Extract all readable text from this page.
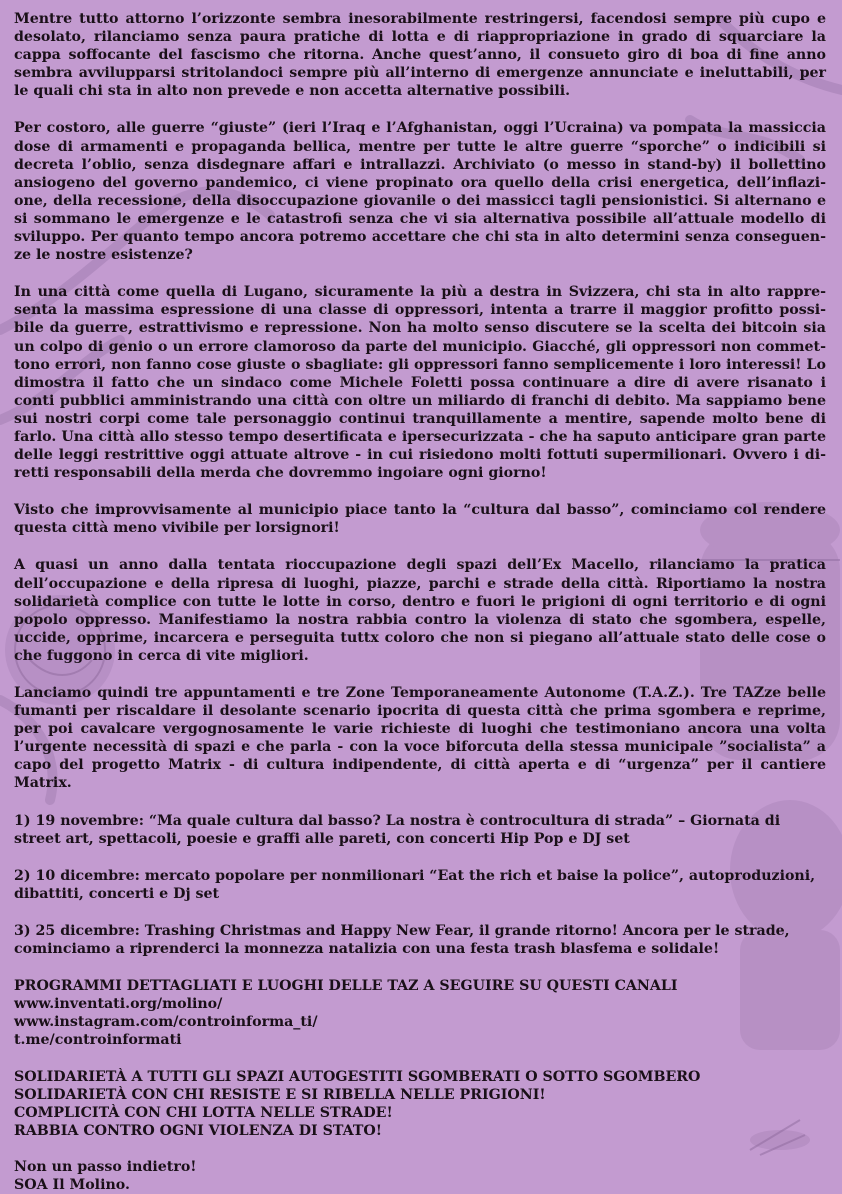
Mentre tutto attorno l’orizzonte sembra inesorabilmente restringersi, facendosi sempre più cupo e desolato, rilanciamo senza paura pratiche di lotta e di riappropriazione in grado di squarciare la cappa soffocante del fascismo che ritorna. Anche quest’anno, il consueto giro di boa di fine anno sembra avvilupparsi stritolandoci sempre più all’interno di emergenze annunciate e ineluttabili, per le quali chi sta in alto non prevede e non accetta alternative possibili.

Per costoro, alle guerre “giuste” (ieri l’Iraq e l’Afghanistan, oggi l’Ucraina) va pompata la massiccia dose di armamenti e propaganda bellica, mentre per tutte le altre guerre “sporche” o indicibili si decreta l’oblio, senza disdegnare affari e intrallazzi. Archiviato (o messo in stand-by) il bollettino ansiogeno del governo pandemico, ci viene propinato ora quello della crisi energetica, dell’inflazi-one, della recessione, della disoccupazione giovanile o dei massicci tagli pensionistici. Si alternano e si sommano le emergenze e le catastrofi senza che vi sia alternativa possibile all’attuale modello di sviluppo. Per quanto tempo ancora potremo accettare che chi sta in alto determini senza conseguen-ze le nostre esistenze?

In una città come quella di Lugano, sicuramente la più a destra in Svizzera, chi sta in alto rappre-senta la massima espressione di una classe di oppressori, intenta a trarre il maggior profitto possi-bile da guerre, estrattivismo e repressione. Non ha molto senso discutere se la scelta dei bitcoin sia un colpo di genio o un errore clamoroso da parte del municipio. Giacché, gli oppressori non commet-tono errori, non fanno cose giuste o sbagliate: gli oppressori fanno semplicemente i loro interessi! Lo dimostra il fatto che un sindaco come Michele Foletti possa continuare a dire di avere risanato i conti pubblici amministrando una città con oltre un miliardo di franchi di debito. Ma sappiamo bene sui nostri corpi come tale personaggio continui tranquillamente a mentire, sapende molto bene di farlo. Una città allo stesso tempo desertificata e ipersecurizzata - che ha saputo anticipare gran parte delle leggi restrittive oggi attuate altrove - in cui risiedono molti fottuti supermilionari. Ovvero i di-retti responsabili della merda che dovremmo ingoiare ogni giorno!

Visto che improvvisamente al municipio piace tanto la “cultura dal basso”, cominciamo col rendere questa città meno vivibile per lorsignori!

A quasi un anno dalla tentata rioccupazione degli spazi dell’Ex Macello, rilanciamo la pratica dell’occupazione e della ripresa di luoghi, piazze, parchi e strade della città. Riportiamo la nostra solidarietà complice con tutte le lotte in corso, dentro e fuori le prigioni di ogni territorio e di ogni popolo oppresso. Manifestiamo la nostra rabbia contro la violenza di stato che sgombera, espelle, uccide, opprime, incarcera e perseguita tuttx coloro che non si piegano all’attuale stato delle cose o che fuggono in cerca di vite migliori.

Lanciamo quindi tre appuntamenti e tre Zone Temporaneamente Autonome (T.A.Z.). Tre TAZze belle fumanti per riscaldare il desolante scenario ipocrita di questa città che prima sgombera e reprime, per poi cavalcare vergognosamente le varie richieste di luoghi che testimoniano ancora una volta l’urgente necessità di spazi e che parla - con la voce biforcuta della stessa municipale ”socialista” a capo del progetto Matrix - di cultura indipendente, di città aperta e di “urgenza” per il cantiere Matrix.

1) 19 novembre: “Ma quale cultura dal basso? La nostra è controcultura di strada” – Giornata di street art, spettacoli, poesie e graffi alle pareti, con concerti Hip Pop e DJ set

2) 10 dicembre: mercato popolare per nonmilionari “Eat the rich et baise la police”, autoproduzioni, dibattiti, concerti e Dj set

3) 25 dicembre: Trashing Christmas and Happy New Fear, il grande ritorno! Ancora per le strade, cominciamo a riprenderci la monnezza natalizia con una festa trash blasfema e solidale!

PROGRAMMI DETTAGLIATI E LUOGHI DELLE TAZ A SEGUIRE SU QUESTI CANALI
www.inventati.org/molino/
www.instagram.com/controinforma_ti/
t.me/controinformati
SOLIDARIETÀ A TUTTI GLI SPAZI AUTOGESTITI SGOMBERATI O SOTTO SGOMBERO
SOLIDARIETÀ CON CHI RESISTE E SI RIBELLA NELLE PRIGIONI!
COMPLICITÀ CON CHI LOTTA NELLE STRADE!
RABBIA CONTRO OGNI VIOLENZA DI STATO!
Non un passo indietro!
SOA Il Molino.
